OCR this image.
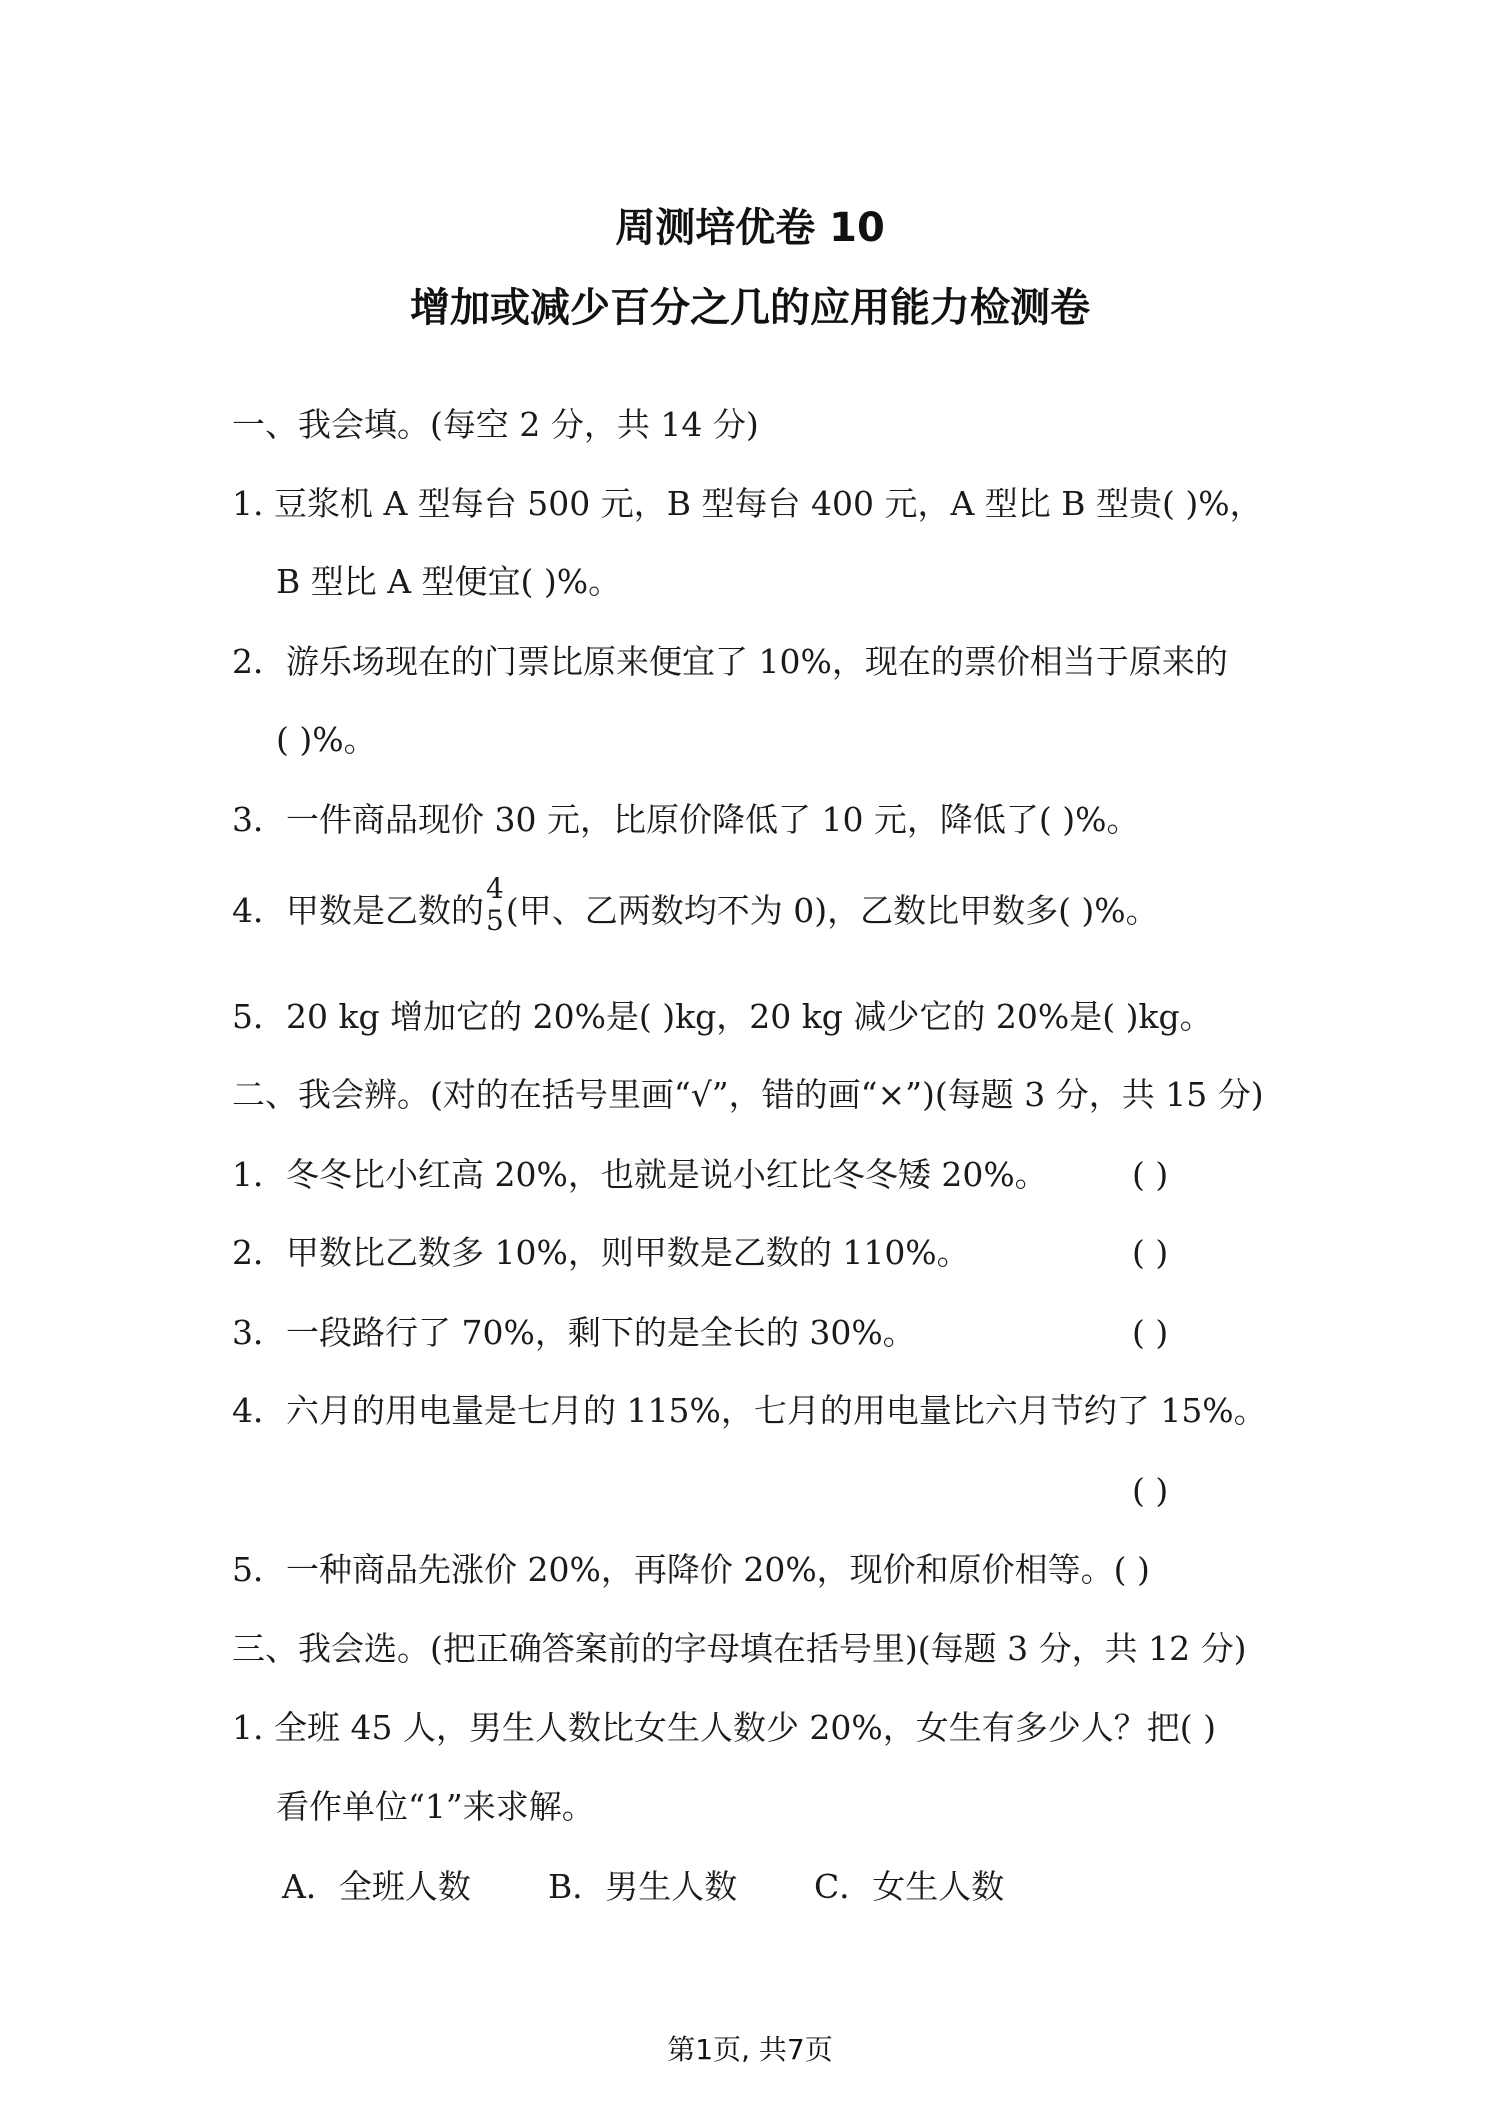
周测培优卷 10
增加或减少百分之几的应用能力检测卷
一、我会填。(每空 2 分，共 14 分)
1. 豆浆机 A 型每台 500 元，B 型每台 400 元，A 型比 B 型贵( )%，
B 型比 A 型便宜( )%。
2．游乐场现在的门票比原来便宜了 10%，现在的票价相当于原来的
( )%。
3．一件商品现价 30 元，比原价降低了 10 元，降低了( )%。
4．甲数是乙数的
4
5 (甲、乙两数均不为 0)，乙数比甲数多( )%。
5．20 kg 增加它的 20%是( )kg，20 kg 减少它的 20%是( )kg。
二、我会辨。(对的在括号里画“√”，错的画“×”)(每题 3 分，共 15 分)
1．冬冬比小红高 20%，也就是说小红比冬冬矮 20%。	( )
2．甲数比乙数多 10%，则甲数是乙数的 110%。	( )
3．一段路行了 70%，剩下的是全长的 30%。	( )
4．六月的用电量是七月的 115%，七月的用电量比六月节约了 15%。
( )
5．一种商品先涨价 20%，再降价 20%，现价和原价相等。( )
三、我会选。(把正确答案前的字母填在括号里)(每题 3 分，共 12 分)
1. 全班 45 人，男生人数比女生人数少 20%，女生有多少人？把( )
看作单位“1”来求解。
A．全班人数 B．男生人数 C．女生人数
第1页, 共7页
